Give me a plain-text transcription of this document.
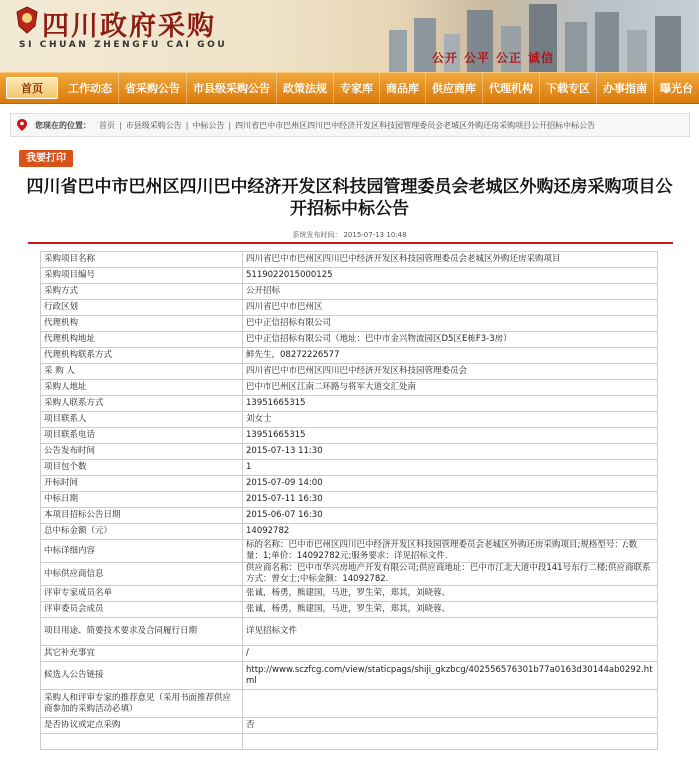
四川政府采购
SI CHUAN ZHENGFU CAI GOU
公开 公平 公正 诚信
首页	工作动态	省采购公告	市县级采购公告	政策法规	专家库	商品库	供应商库	代理机构	下载专区	办事指南	曝光台
您现在的位置： 首页 | 市县级采购公告 | 中标公告 | 四川省巴中市巴州区四川巴中经济开发区科技园管理委员会老城区外购还房采购项目公开招标中标公告
我要打印
四川省巴中市巴州区四川巴中经济开发区科技园管理委员会老城区外购还房采购项目公开招标中标公告
系统发布时间： 2015-07-13 10:48
采购项目名称	四川省巴中市巴州区四川巴中经济开发区科技园管理委员会老城区外购还房采购项目
采购项目编号	511902201500012​5
采购方式	公开招标
行政区划	四川省巴中市巴州区
代理机构	巴中正信招标有限公司
代理机构地址	巴中正信招标有限公司（地址：巴中市金兴物流园区D5区E栋F3-3房）
代理机构联系方式	鲜先生，08272226577
采 购 人	四川省巴中市巴州区四川巴中经济开发区科技园管理委员会
采购人地址	巴中市巴州区江南二环路与将军大道交汇处南
采购人联系方式	13951665315
项目联系人	刘女士
项目联系电话	13951665315
公告发布时间	2015-07-13 11:30
项目包个数	1
开标时间	2015-07-09 14:00
中标日期	2015-07-11 16:30
本项目招标公告日期	2015-06-07 16:30
总中标金额（元）	14092782
中标详细内容	标的名称：巴中市巴州区四川巴中经济开发区科技园管理委员会老城区外购还房采购项目;规格型号：/;数量：1;单价：14092782元;服务要求：详见招标文件.
中标供应商信息	供应商名称：巴中市华兴房地产开发有限公司;供应商地址：巴中市江北大道中段141号东行二楼;供应商联系方式：曾女士;中标金额：14092782.
评审专家成员名单	张诚，杨勇，熊建国，马进，罗生荣，郑其，刘晓蓉。
评审委员会成员	张诚，杨勇，熊建国，马进，罗生荣，郑其，刘晓蓉。
项目用途、简要技术要求及合同履行日期	详见招标文件
其它补充事宜	/
候选人公告链接	http://www.sczfcg.com/view/staticpags/shiji_gkzbcg/402556576301b77a0163d30144ab0292.html
采购人和评审专家的推荐意见（采用书面推荐供应商参加的采购活动必填）	
是否协议或定点采购	否
